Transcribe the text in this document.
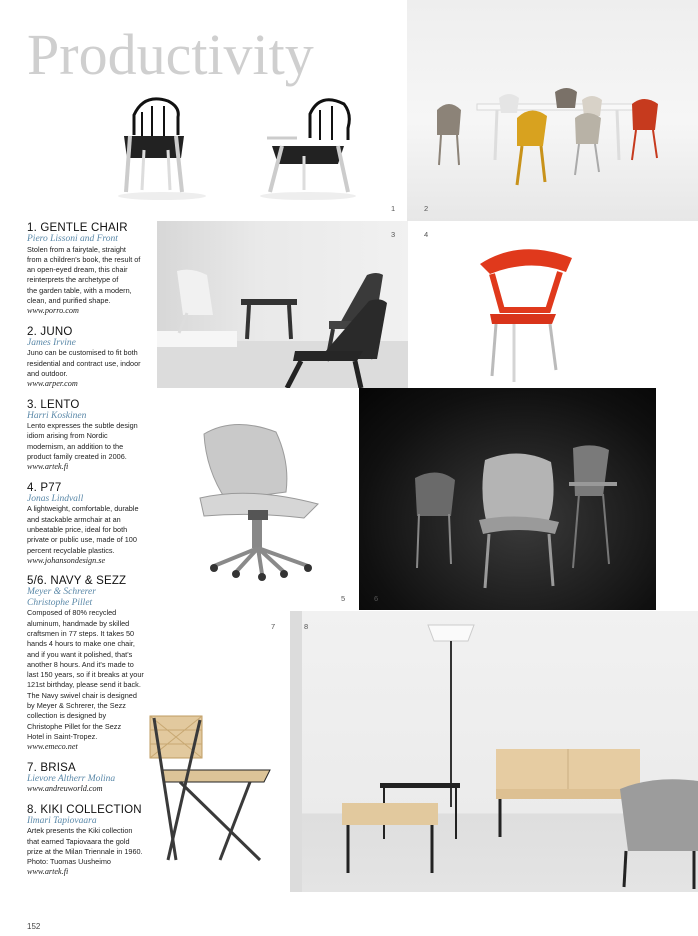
Productivity
1	2
3	4
5	6
7	8
1. GENTLE CHAIR
Piero Lissoni and Front
Stolen from a fairytale, straight
from a children's book, the result of
an open-eyed dream, this chair
reinterprets the archetype of
the garden table, with a modern,
clean, and purified shape.
www.porro.com
2. JUNO
James Irvine
Juno can be customised to fit both
residential and contract use, indoor
and outdoor.
www.arper.com
3. LENTO
Harri Koskinen
Lento expresses the subtle design
idiom arising from Nordic
modernism, an addition to the
product family created in 2006.
www.artek.fi
4. P77
Jonas Lindvall
A lightweight, comfortable, durable
and stackable armchair at an
unbeatable price, ideal for both
private or public use, made of 100
percent recyclable plastics.
www.johansondesign.se
5/6. NAVY & SEZZ
Meyer & Schrerer
Christophe Pillet
Composed of 80% recycled
aluminum, handmade by skilled
craftsmen in 77 steps. It takes 50
hands 4 hours to make one chair,
and if you want it polished, that's
another 8 hours. And it's made to
last 150 years, so if it breaks at your
121st birthday, please send it back.
The Navy swivel chair is designed
by Meyer & Schrerer, the Sezz
collection is designed by
Christophe Pillet for the Sezz
Hotel in Saint-Tropez.
www.emeco.net
7. BRISA
Lievore Altherr Molina
www.andreuworld.com
8. KIKI COLLECTION
Ilmari Tapiovaara
Artek presents the Kiki collection
that earned Tapiovaara the gold
prize at the Milan Triennale in 1960.
Photo: Tuomas Uusheimo
www.artek.fi
152
